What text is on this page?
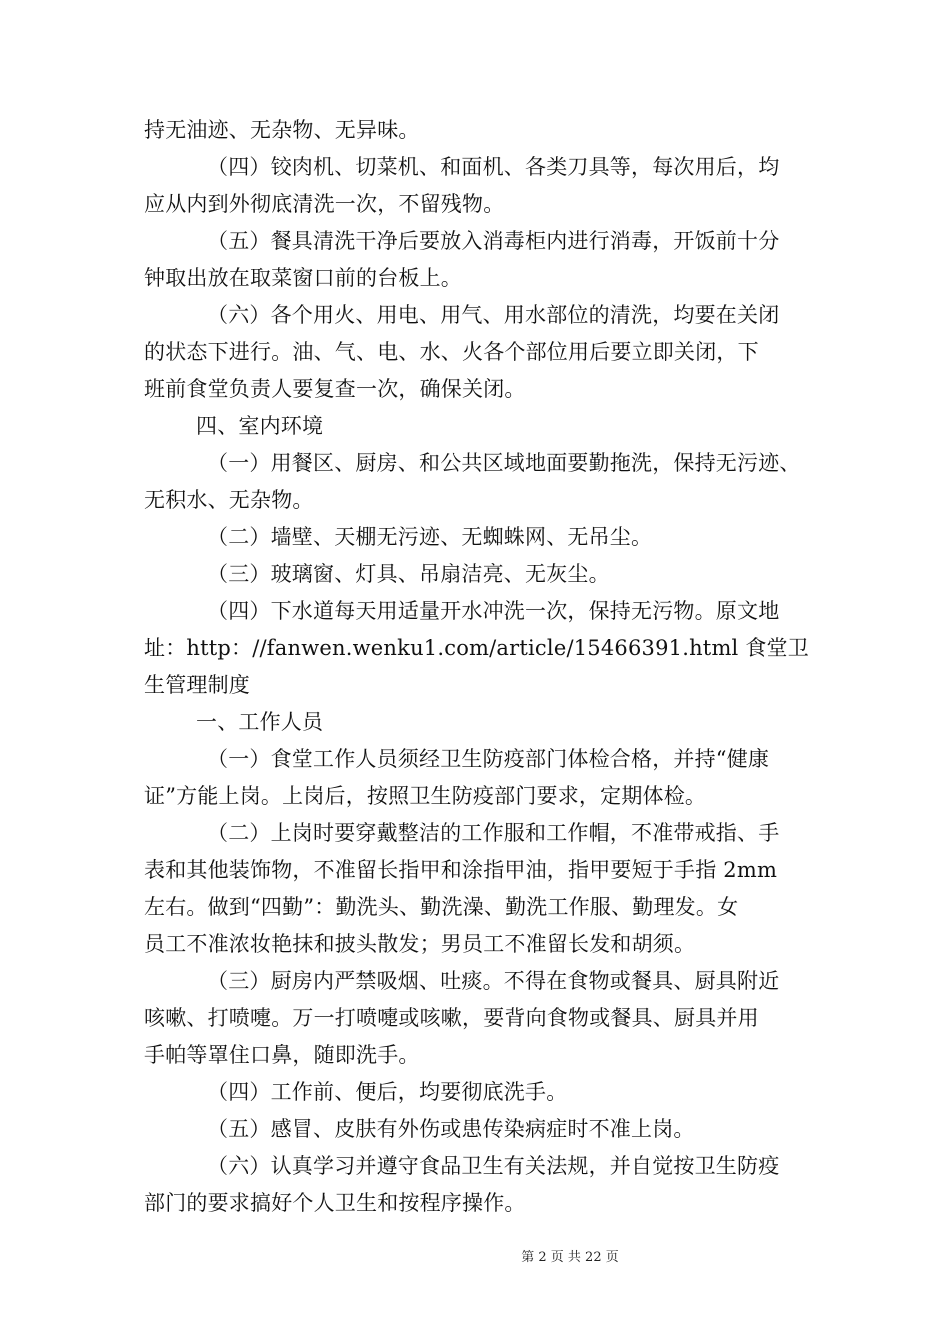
持无油迹、无杂物、无异味。
（四）铰肉机、切菜机、和面机、各类刀具等，每次用后，均
应从内到外彻底清洗一次，不留残物。
（五）餐具清洗干净后要放入消毒柜内进行消毒，开饭前十分
钟取出放在取菜窗口前的台板上。
（六）各个用火、用电、用气、用水部位的清洗，均要在关闭
的状态下进行。油、气、电、水、火各个部位用后要立即关闭，下
班前食堂负责人要复查一次，确保关闭。
四、室内环境
（一）用餐区、厨房、和公共区域地面要勤拖洗，保持无污迹、
无积水、无杂物。
（二）墙壁、天棚无污迹、无蜘蛛网、无吊尘。
（三）玻璃窗、灯具、吊扇洁亮、无灰尘。
（四）下水道每天用适量开水冲洗一次，保持无污物。原文地
址：http：//fanwen.wenku1.com/article/15466391.html 食堂卫
生管理制度
一、工作人员
（一）食堂工作人员须经卫生防疫部门体检合格，并持“健康
证”方能上岗。上岗后，按照卫生防疫部门要求，定期体检。
（二）上岗时要穿戴整洁的工作服和工作帽，不准带戒指、手
表和其他装饰物，不准留长指甲和涂指甲油，指甲要短于手指 2mm
左右。做到“四勤”：勤洗头、勤洗澡、勤洗工作服、勤理发。女
员工不准浓妆艳抹和披头散发；男员工不准留长发和胡须。
（三）厨房内严禁吸烟、吐痰。不得在食物或餐具、厨具附近
咳嗽、打喷嚏。万一打喷嚏或咳嗽，要背向食物或餐具、厨具并用
手帕等罩住口鼻，随即洗手。
（四）工作前、便后，均要彻底洗手。
（五）感冒、皮肤有外伤或患传染病症时不准上岗。
（六）认真学习并遵守食品卫生有关法规，并自觉按卫生防疫
部门的要求搞好个人卫生和按程序操作。
第 2 页 共 22 页
